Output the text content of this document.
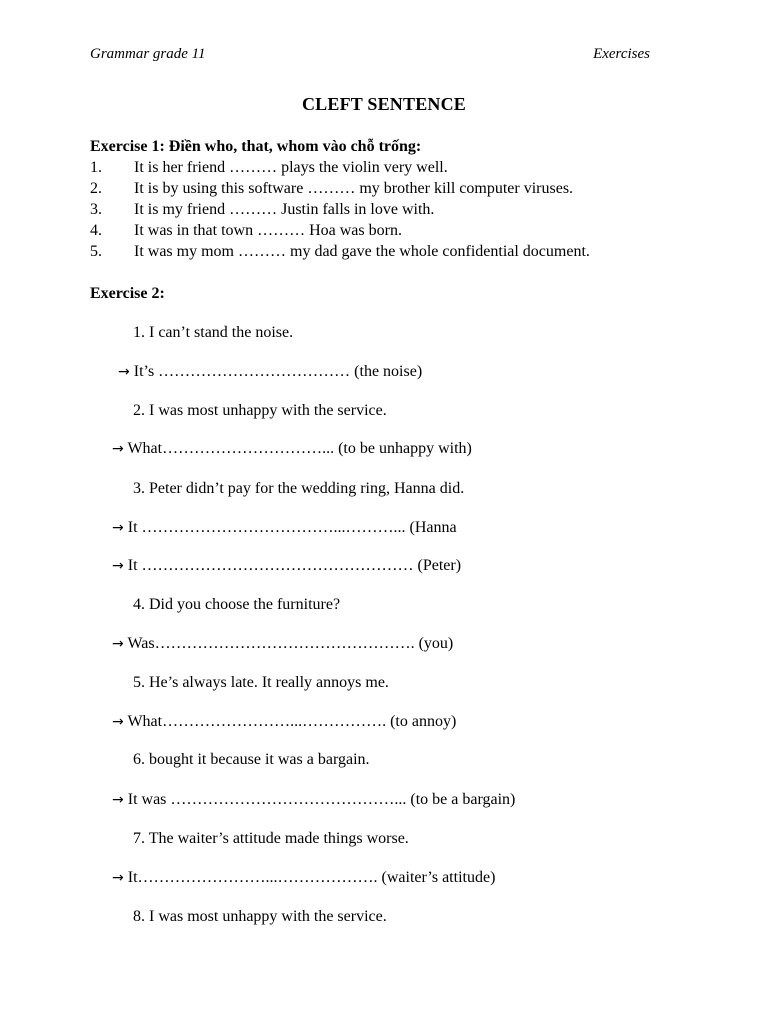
Grammar grade 11	Exercises
CLEFT SENTENCE
Exercise 1: Điền who, that, whom vào chỗ trống:
1. It is her friend ……… plays the violin very well.
2. It is by using this software ……… my brother kill computer viruses.
3. It is my friend ……… Justin falls in love with.
4. It was in that town ……… Hoa was born.
5. It was my mom ……… my dad gave the whole confidential document.
Exercise 2:
1. I can’t stand the noise.
→ It’s ……………………………… (the noise)
2. I was most unhappy with the service.
→ What…………………………... (to be unhappy with)
3. Peter didn’t pay for the wedding ring, Hanna did.
→ It ………………………………...………... (Hanna
→ It …………………………………………… (Peter)
4. Did you choose the furniture?
→ Was…………………………………………. (you)
5. He’s always late. It really annoys me.
→ What……………………...……………. (to annoy)
6. bought it because it was a bargain.
→ It was ……………………………………... (to be a bargain)
7. The waiter’s attitude made things worse.
→ It……………………...………………. (waiter’s attitude)
8. I was most unhappy with the service.
